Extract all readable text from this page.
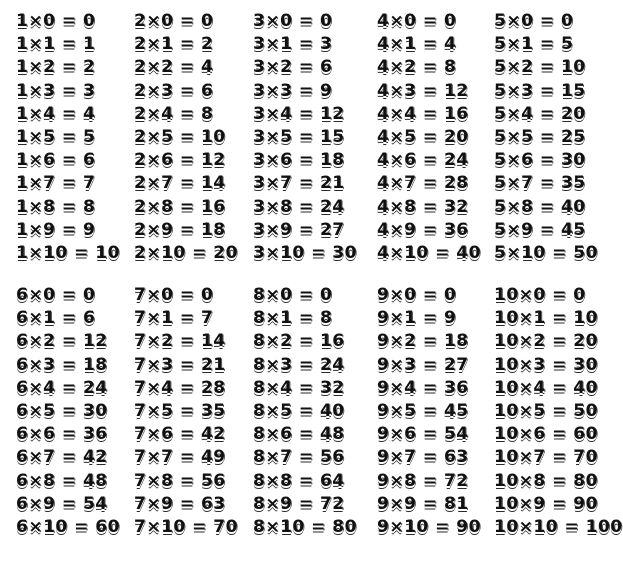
1×0 = 0
1×1 = 1
1×2 = 2
1×3 = 3
1×4 = 4
1×5 = 5
1×6 = 6
1×7 = 7
1×8 = 8
1×9 = 9
1×10 = 10
2×0 = 0
2×1 = 2
2×2 = 4
2×3 = 6
2×4 = 8
2×5 = 10
2×6 = 12
2×7 = 14
2×8 = 16
2×9 = 18
2×10 = 20
3×0 = 0
3×1 = 3
3×2 = 6
3×3 = 9
3×4 = 12
3×5 = 15
3×6 = 18
3×7 = 21
3×8 = 24
3×9 = 27
3×10 = 30
4×0 = 0
4×1 = 4
4×2 = 8
4×3 = 12
4×4 = 16
4×5 = 20
4×6 = 24
4×7 = 28
4×8 = 32
4×9 = 36
4×10 = 40
5×0 = 0
5×1 = 5
5×2 = 10
5×3 = 15
5×4 = 20
5×5 = 25
5×6 = 30
5×7 = 35
5×8 = 40
5×9 = 45
5×10 = 50
6×0 = 0
6×1 = 6
6×2 = 12
6×3 = 18
6×4 = 24
6×5 = 30
6×6 = 36
6×7 = 42
6×8 = 48
6×9 = 54
6×10 = 60
7×0 = 0
7×1 = 7
7×2 = 14
7×3 = 21
7×4 = 28
7×5 = 35
7×6 = 42
7×7 = 49
7×8 = 56
7×9 = 63
7×10 = 70
8×0 = 0
8×1 = 8
8×2 = 16
8×3 = 24
8×4 = 32
8×5 = 40
8×6 = 48
8×7 = 56
8×8 = 64
8×9 = 72
8×10 = 80
9×0 = 0
9×1 = 9
9×2 = 18
9×3 = 27
9×4 = 36
9×5 = 45
9×6 = 54
9×7 = 63
9×8 = 72
9×9 = 81
9×10 = 90
10×0 = 0
10×1 = 10
10×2 = 20
10×3 = 30
10×4 = 40
10×5 = 50
10×6 = 60
10×7 = 70
10×8 = 80
10×9 = 90
10×10 = 100
